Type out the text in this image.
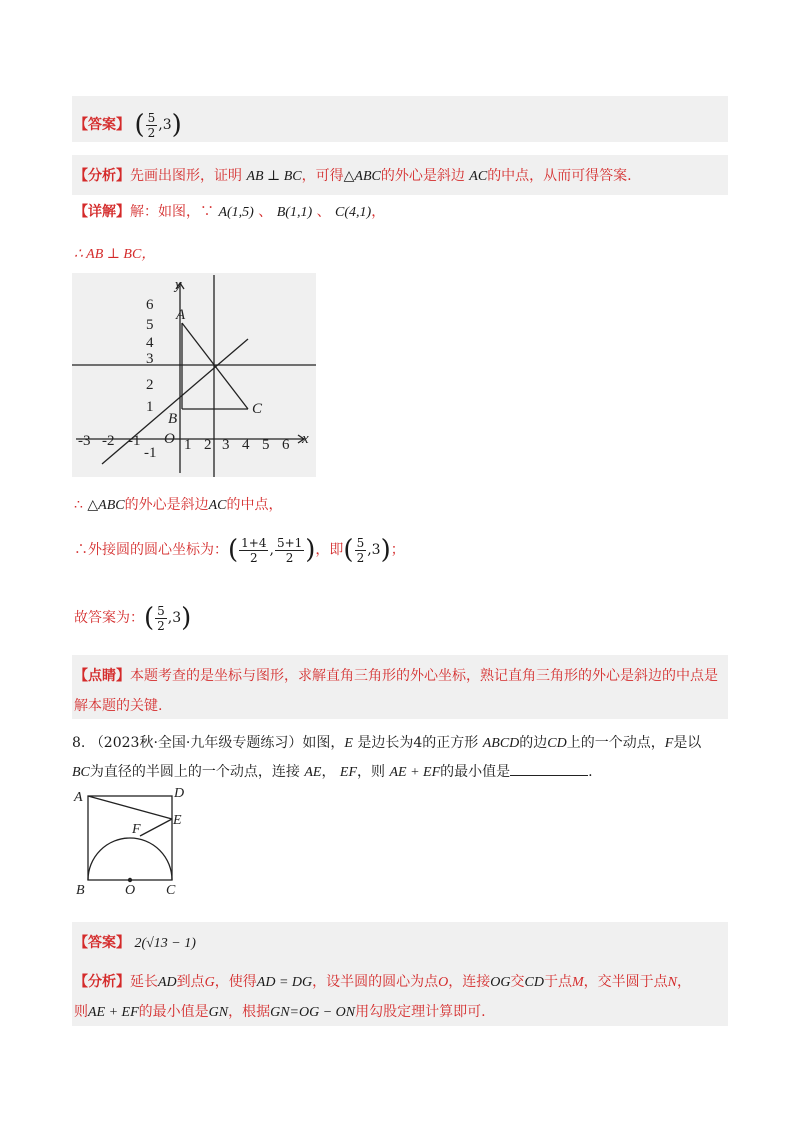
【答案】 ( $\frac{5}{2} ,3$)
【分析】先画出图形，证明 AB ⊥ BC，可得△ABC的外心是斜边 AC的中点，从而可得答案.
【详解】解：如图，∵ A(1,5) 、 B(1,1) 、 C(4,1)，
∴ AB ⊥ BC，
y
x
O
A
B
C
6
5
4
3
2
1
-1
-3 -2 -1	1 2 3 4 5 6
∴ △ABC的外心是斜边AC的中点，
∴外接圆的圆心坐标为：( $\frac{1+4}{2}$ , $\frac{5+1}{2}$ )，即( $\frac{5}{2} ,3$)；
故答案为：( $\frac{5}{2} ,3$)
【点睛】本题考查的是坐标与图形，求解直角三角形的外心坐标，熟记直角三角形的外心是斜边的中点是
解本题的关键.
8. （2023秋·全国·九年级专题练习）如图，E 是边长为4的正方形 ABCD的边CD上的一个动点，F是以
BC为直径的半圆上的一个动点，连接 AE， EF，则 AE + EF的最小值是	.
A	D
E
F
B	O C
【答案】 2(√13 − 1)
【分析】延长AD到点G，使得AD = DG，设半圆的圆心为点O，连接OG交CD于点M，交半圆于点N，
则AE + EF的最小值是GN，根据GN=OG − ON用勾股定理计算即可.
